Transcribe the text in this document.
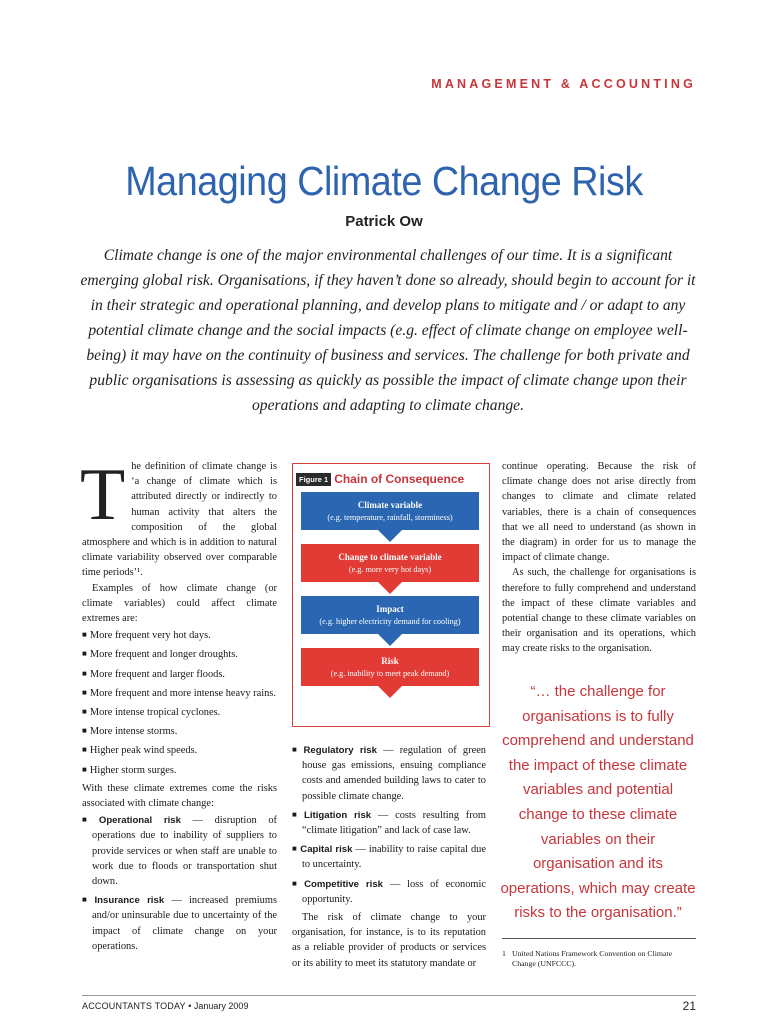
MANAGEMENT & ACCOUNTING
Managing Climate Change Risk
Patrick Ow
Climate change is one of the major environmental challenges of our time. It is a significant emerging global risk. Organisations, if they haven’t done so already, should begin to account for it in their strategic and operational planning, and develop plans to mitigate and / or adapt to any potential climate change and the social impacts (e.g. effect of climate change on employee well-being) it may have on the continuity of business and services. The challenge for both private and public organisations is assessing as quickly as possible the impact of climate change upon their operations and adapting to climate change.

The definition of climate change is ‘a change of climate which is attributed directly or indirectly to human activity that alters the composition of the global atmosphere and which is in addition to natural climate variability observed over comparable time periods’¹.

Examples of how climate change (or climate variables) could affect climate extremes are:

■ More frequent very hot days.
■ More frequent and longer droughts.
■ More frequent and larger floods.
■ More frequent and more intense heavy rains.
■ More intense tropical cyclones.
■ More intense storms.
■ Higher peak wind speeds.
■ Higher storm surges.

With these climate extremes come the risks associated with climate change:

■ Operational risk — disruption of operations due to inability of suppliers to provide services or when staff are unable to work due to floods or transportation shut down.
■ Insurance risk — increased premiums and/or uninsurable due to uncertainty of the impact of climate change on your operations.
Figure 1 Chain of Consequence
Climate variable
(e.g. temperature, rainfall, storminess)
Change to climate variable
(e.g. more very hot days)
Impact
(e.g. higher electricity demand for cooling)
Risk
(e.g. inability to meet peak demand)
■ Regulatory risk — regulation of green house gas emissions, ensuing compliance costs and amended building laws to cater to possible climate change.
■ Litigation risk — costs resulting from “climate litigation” and lack of case law.
■ Capital risk — inability to raise capital due to uncertainty.
■ Competitive risk — loss of economic opportunity.

The risk of climate change to your organisation, for instance, is to its reputation as a reliable provider of products or services or its ability to meet its statutory mandate or

continue operating. Because the risk of climate change does not arise directly from changes to climate and climate related variables, there is a chain of consequences that we all need to understand (as shown in the diagram) in order for us to manage the impact of climate change.

As such, the challenge for organisations is therefore to fully comprehend and understand the impact of these climate variables and potential change to these climate variables on their organisation and its operations, which may create risks to the organisation.

“… the challenge for organisations is to fully comprehend and understand the impact of these climate variables and potential change to these climate variables on their organisation and its operations, which may create risks to the organisation.”
1 United Nations Framework Convention on Climate Change (UNFCCC).
ACCOUNTANTS TODAY • January 2009	21
